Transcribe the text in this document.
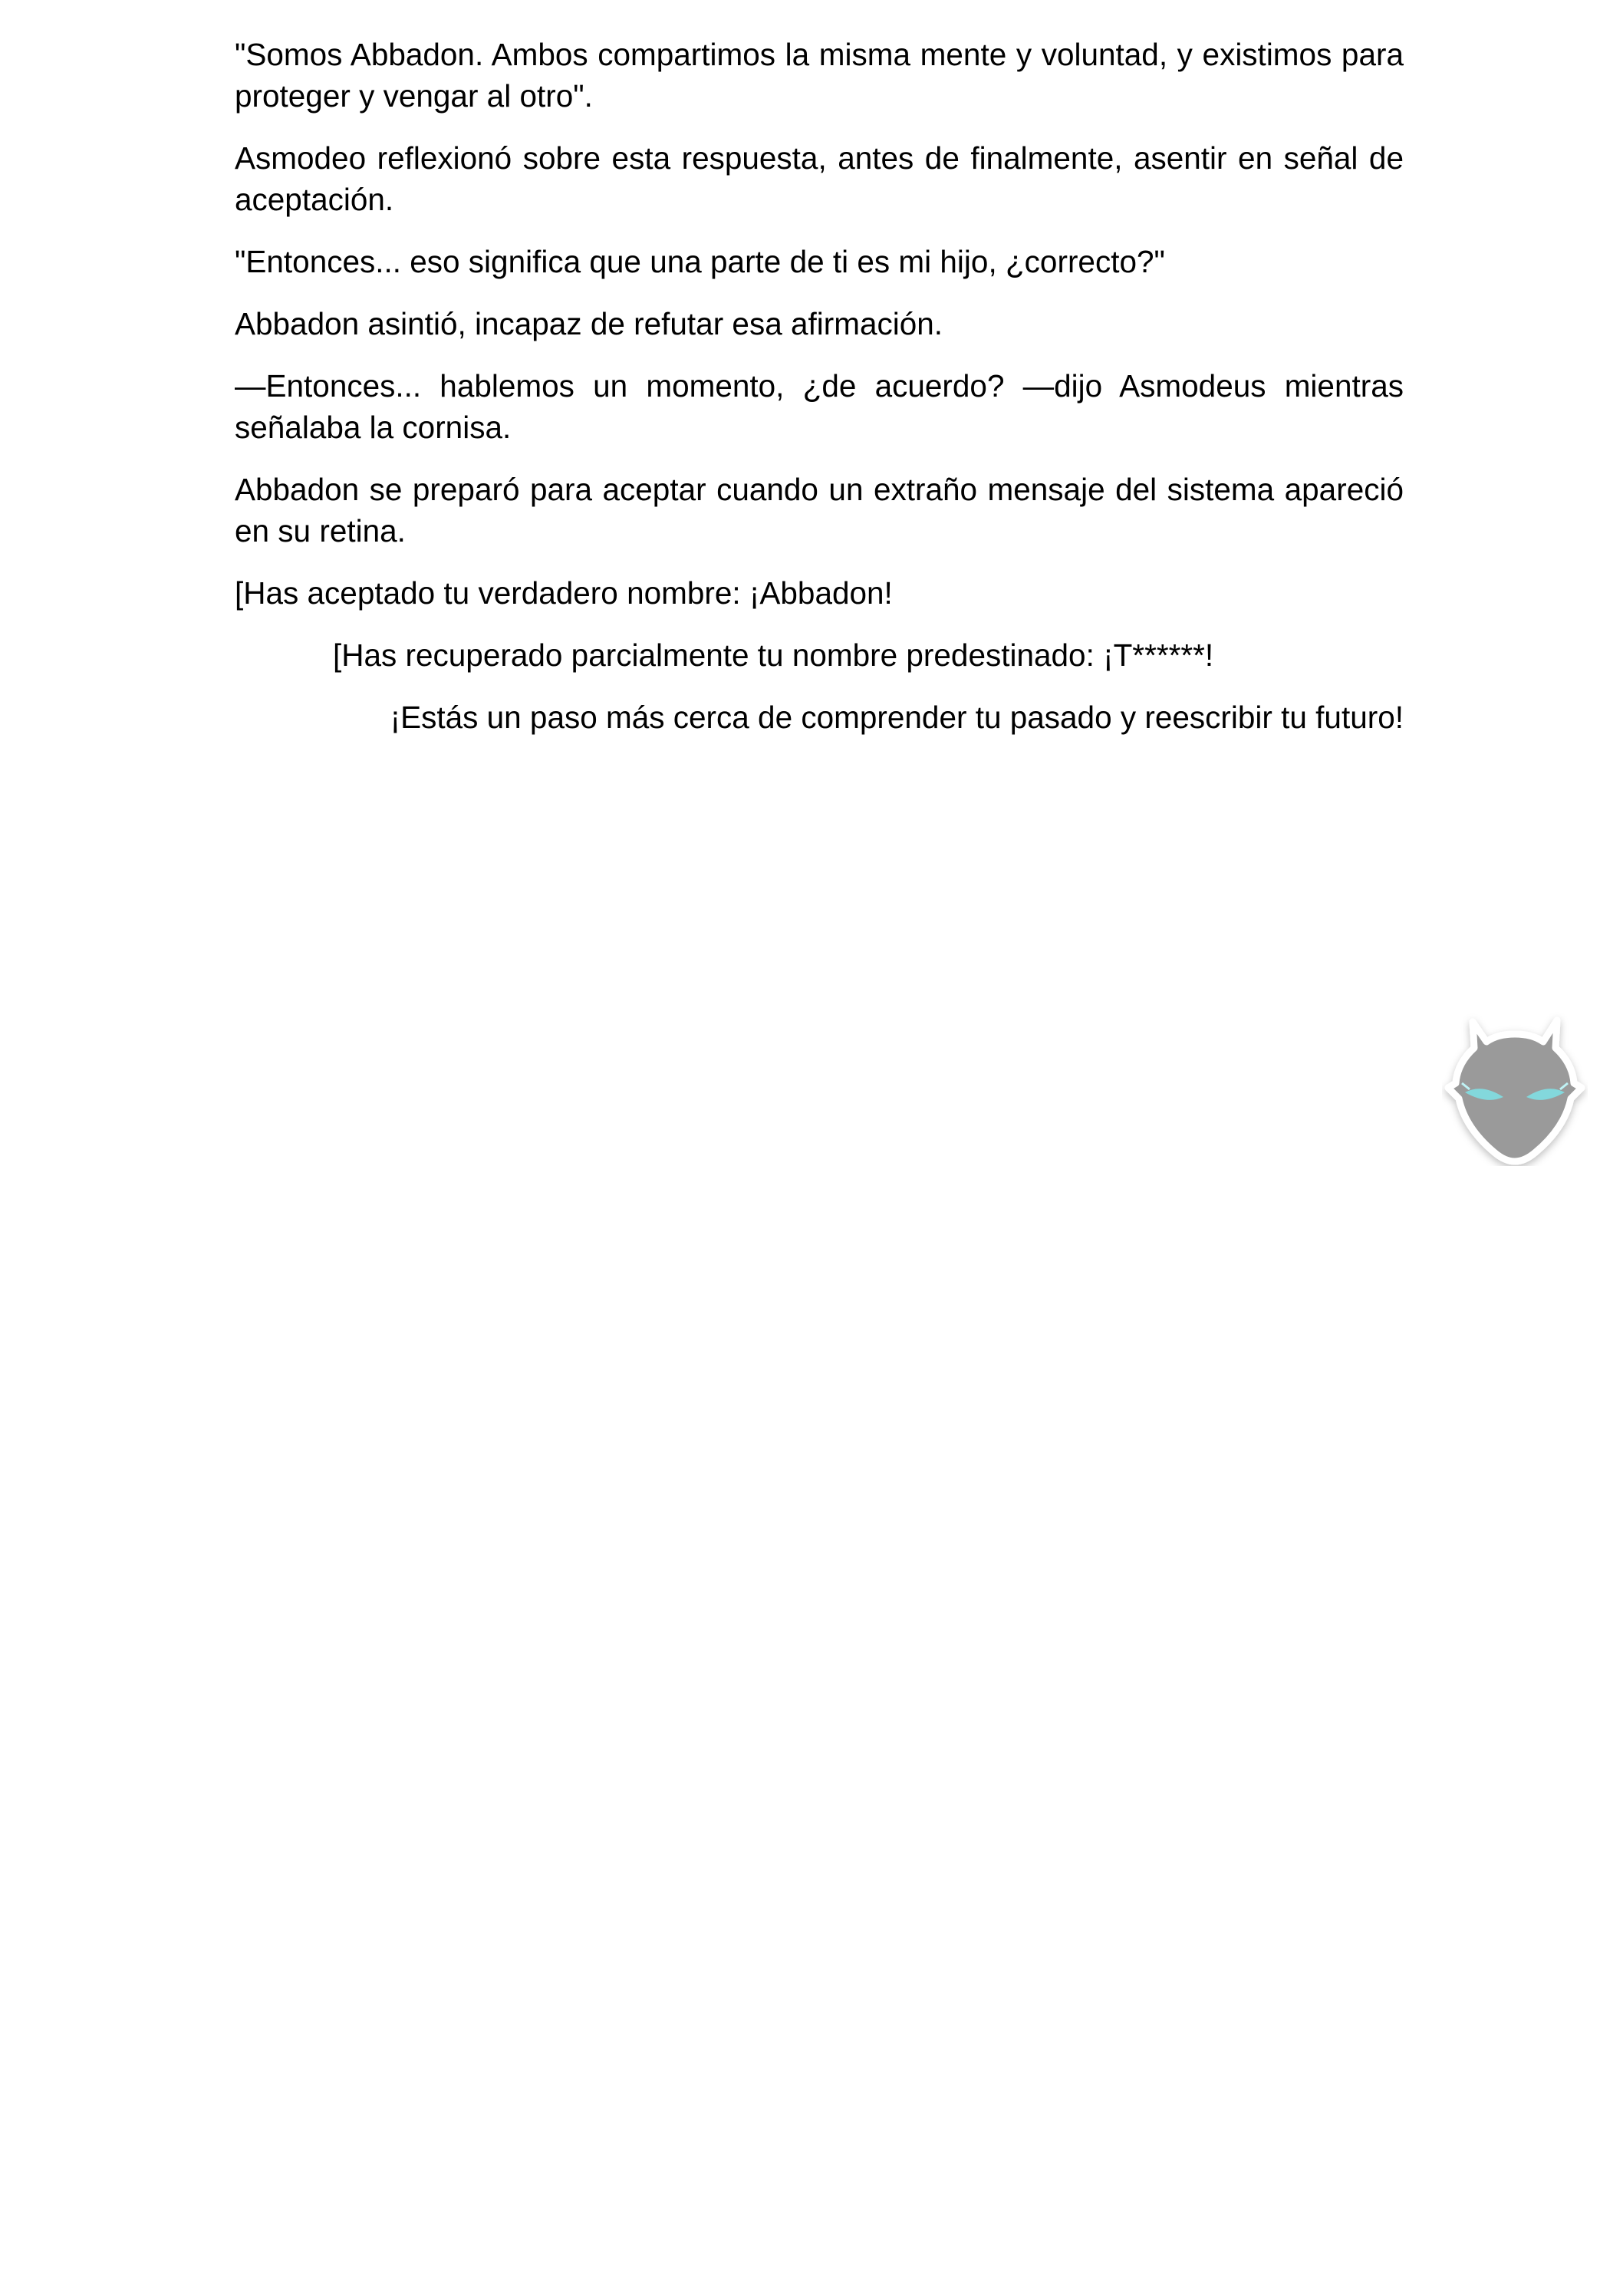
"Somos Abbadon. Ambos compartimos la misma mente y voluntad, y existimos para proteger y vengar al otro".

Asmodeo reflexionó sobre esta respuesta, antes de finalmente, asentir en señal de aceptación.

"Entonces... eso significa que una parte de ti es mi hijo, ¿correcto?"

Abbadon asintió, incapaz de refutar esa afirmación.

—Entonces... hablemos un momento, ¿de acuerdo? —dijo Asmodeus mientras señalaba la cornisa.

Abbadon se preparó para aceptar cuando un extraño mensaje del sistema apareció en su retina.

[Has aceptado tu verdadero nombre: ¡Abbadon!

[Has recuperado parcialmente tu nombre predestinado: ¡T******!

¡Estás un paso más cerca de comprender tu pasado y reescribir tu futuro!
